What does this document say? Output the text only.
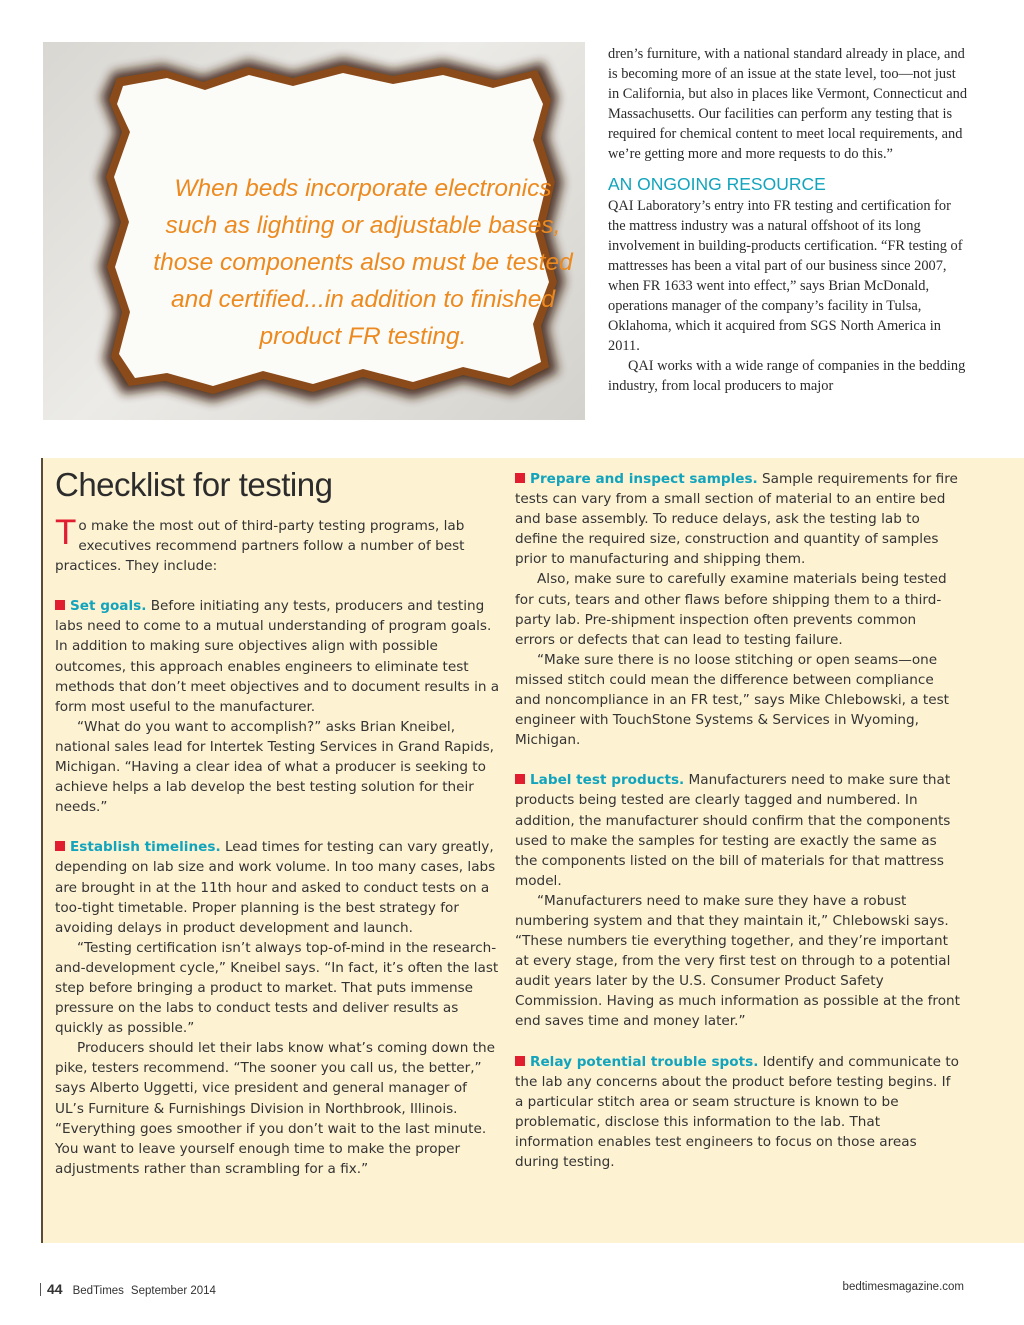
When beds incorporate electronics such as lighting or adjustable bases, those components also must be tested and certified...in addition to finished product FR testing.

dren’s furniture, with a national standard already in place, and is becoming more of an issue at the state level, too—not just in California, but also in places like Vermont, Connecticut and Massachusetts. Our facilities can perform any testing that is required for chemical content to meet local requirements, and we’re getting more and more requests to do this.”

AN ONGOING RESOURCE

QAI Laboratory’s entry into FR testing and certification for the mattress industry was a natural offshoot of its long involvement in building-products certification. “FR testing of mattresses has been a vital part of our business since 2007, when FR 1633 went into effect,” says Brian McDonald, operations manager of the company’s facility in Tulsa, Oklahoma, which it acquired from SGS North America in 2011.

QAI works with a wide range of companies in the bedding industry, from local producers to major

Checklist for testing

To make the most out of third-party testing programs, lab executives recommend partners follow a number of best practices. They include:

Set goals. Before initiating any tests, producers and testing labs need to come to a mutual understanding of program goals. In addition to making sure objectives align with possible outcomes, this approach enables engineers to eliminate test methods that don’t meet objectives and to document results in a form most useful to the manufacturer.

“What do you want to accomplish?” asks Brian Kneibel, national sales lead for Intertek Testing Services in Grand Rapids, Michigan. “Having a clear idea of what a producer is seeking to achieve helps a lab develop the best testing solution for their needs.”

Establish timelines. Lead times for testing can vary greatly, depending on lab size and work volume. In too many cases, labs are brought in at the 11th hour and asked to conduct tests on a too-tight timetable. Proper planning is the best strategy for avoiding delays in product development and launch.

“Testing certification isn’t always top-of-mind in the research-and-development cycle,” Kneibel says. “In fact, it’s often the last step before bringing a product to market. That puts immense pressure on the labs to conduct tests and deliver results as quickly as possible.”

Producers should let their labs know what’s coming down the pike, testers recommend. “The sooner you call us, the better,” says Alberto Uggetti, vice president and general manager of UL’s Furniture & Furnishings Division in Northbrook, Illinois. “Everything goes smoother if you don’t wait to the last minute. You want to leave yourself enough time to make the proper adjustments rather than scrambling for a fix.”

Prepare and inspect samples. Sample requirements for fire tests can vary from a small section of material to an entire bed and base assembly. To reduce delays, ask the testing lab to define the required size, construction and quantity of samples prior to manufacturing and shipping them.

Also, make sure to carefully examine materials being tested for cuts, tears and other flaws before shipping them to a third-party lab. Pre-shipment inspection often prevents common errors or defects that can lead to testing failure.

“Make sure there is no loose stitching or open seams—one missed stitch could mean the difference between compliance and noncompliance in an FR test,” says Mike Chlebowski, a test engineer with TouchStone Systems & Services in Wyoming, Michigan.

Label test products. Manufacturers need to make sure that products being tested are clearly tagged and numbered. In addition, the manufacturer should confirm that the components used to make the samples for testing are exactly the same as the components listed on the bill of materials for that mattress model.

“Manufacturers need to make sure they have a robust numbering system and that they maintain it,” Chlebowski says. “These numbers tie everything together, and they’re important at every stage, from the very first test on through to a potential audit years later by the U.S. Consumer Product Safety Commission. Having as much information as possible at the front end saves time and money later.”

Relay potential trouble spots. Identify and communicate to the lab any concerns about the product before testing begins. If a particular stitch area or seam structure is known to be problematic, disclose this information to the lab. That information enables test engineers to focus on those areas during testing.

44 BedTimes September 2014	bedtimesmagazine.com
